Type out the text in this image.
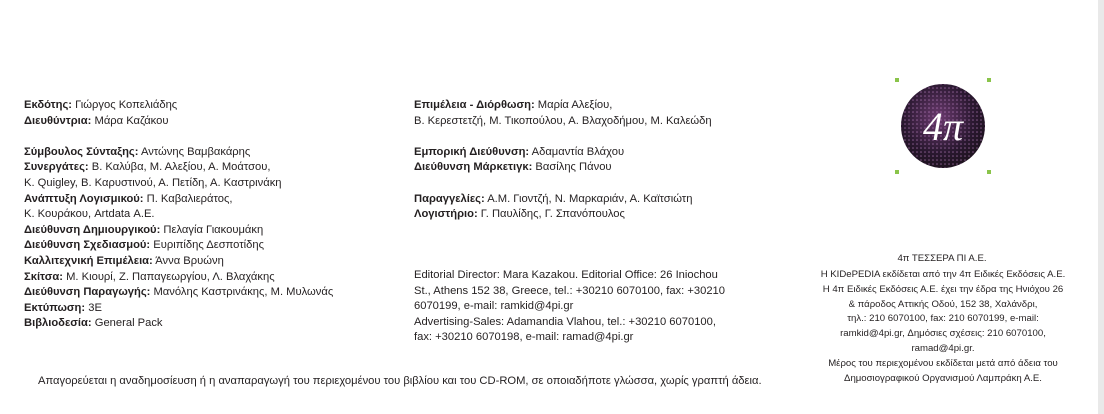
Εκδότης: Γιώργος Κοπελιάδης
Διευθύντρια: Μάρα Καζάκου
Σύμβουλος Σύνταξης: Αντώνης Βαμβακάρης
Συνεργάτες: Β. Καλύβα, Μ. Αλεξίου, Α. Μοάτσου,
Κ. Quigley, Β. Καρυστινού, Α. Πετίδη, Α. Καστρινάκη
Ανάπτυξη Λογισμικού: Π. Καβαλιεράτος,
Κ. Κουράκου, Artdata Α.Ε.
Διεύθυνση Δημιουργικού: Πελαγία Γιακουμάκη
Διεύθυνση Σχεδιασμού: Ευριπίδης Δεσποτίδης
Καλλιτεχνική Επιμέλεια: Άννα Βρυώνη
Σκίτσα: Μ. Κιουρί, Ζ. Παπαγεωργίου, Λ. Βλαχάκης
Διεύθυνση Παραγωγής: Μανόλης Καστρινάκης, Μ. Μυλωνάς
Εκτύπωση: 3E
Βιβλιοδεσία: General Pack
Επιμέλεια - Διόρθωση: Μαρία Αλεξίου,
Β. Κερεστετζή, Μ. Τικοπούλου, Α. Βλαχοδήμου, Μ. Καλεώδη
Εμπορική Διεύθυνση: Αδαμαντία Βλάχου
Διεύθυνση Μάρκετιγκ: Βασίλης Πάνου
Παραγγελίες: Α.Μ. Γιοντζή, Ν. Μαρκαριάν, Α. Καϊτσιώτη
Λογιστήριο: Γ. Παυλίδης, Γ. Σπανόπουλος
Editorial Director: Mara Kazakou. Editorial Office: 26 Iniochou
St., Athens 152 38, Greece, tel.: +30210 6070100, fax: +30210
6070199, e-mail: ramkid@4pi.gr
Advertising-Sales: Adamandia Vlahou, tel.: +30210 6070100,
fax: +30210 6070198, e-mail: ramad@4pi.gr
4π
4π ΤΕΣΣΕΡΑ ΠΙ Α.Ε.
Η KIDePEDIA εκδίδεται από την 4π Ειδικές Εκδόσεις Α.Ε.
Η 4π Ειδικές Εκδόσεις Α.Ε. έχει την έδρα της Ηνιόχου 26
& πάροδος Αττικής Οδού, 152 38, Χαλάνδρι,
τηλ.: 210 6070100, fax: 210 6070199, e-mail:
ramkid@4pi.gr, Δημόσιες σχέσεις: 210 6070100,
ramad@4pi.gr.
Μέρος του περιεχομένου εκδίδεται μετά από άδεια του
Δημοσιογραφικού Οργανισμού Λαμπράκη Α.Ε.
Απαγορεύεται η αναδημοσίευση ή η αναπαραγωγή του περιεχομένου του βιβλίου και του CD-ROM, σε οποιαδήποτε γλώσσα, χωρίς γραπτή άδεια.
